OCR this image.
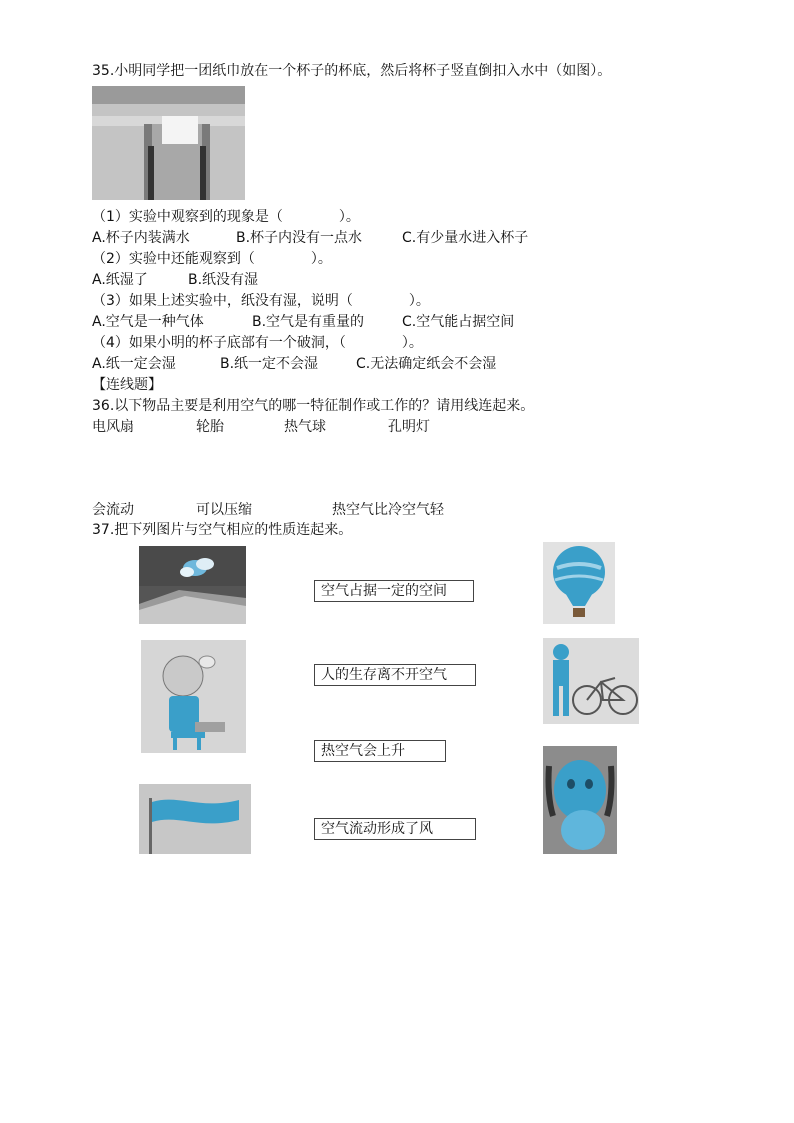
35.小明同学把一团纸巾放在一个杯子的杯底，然后将杯子竖直倒扣入水中（如图）。
（1）实验中观察到的现象是（　　　　）。
A.杯子内装满水	B.杯子内没有一点水	C.有少量水进入杯子
（2）实验中还能观察到（　　　　）。
A.纸湿了	B.纸没有湿
（3）如果上述实验中，纸没有湿，说明（　　　　）。
A.空气是一种气体	B.空气是有重量的	C.空气能占据空间
（4）如果小明的杯子底部有一个破洞，（　　　　）。
A.纸一定会湿	B.纸一定不会湿	C.无法确定纸会不会湿
【连线题】
36.以下物品主要是利用空气的哪一特征制作或工作的？请用线连起来。
电风扇	轮胎	热气球	孔明灯
会流动	可以压缩	热空气比冷空气轻
37.把下列图片与空气相应的性质连起来。
空气占据一定的空间
人的生存离不开空气
热空气会上升
空气流动形成了风
